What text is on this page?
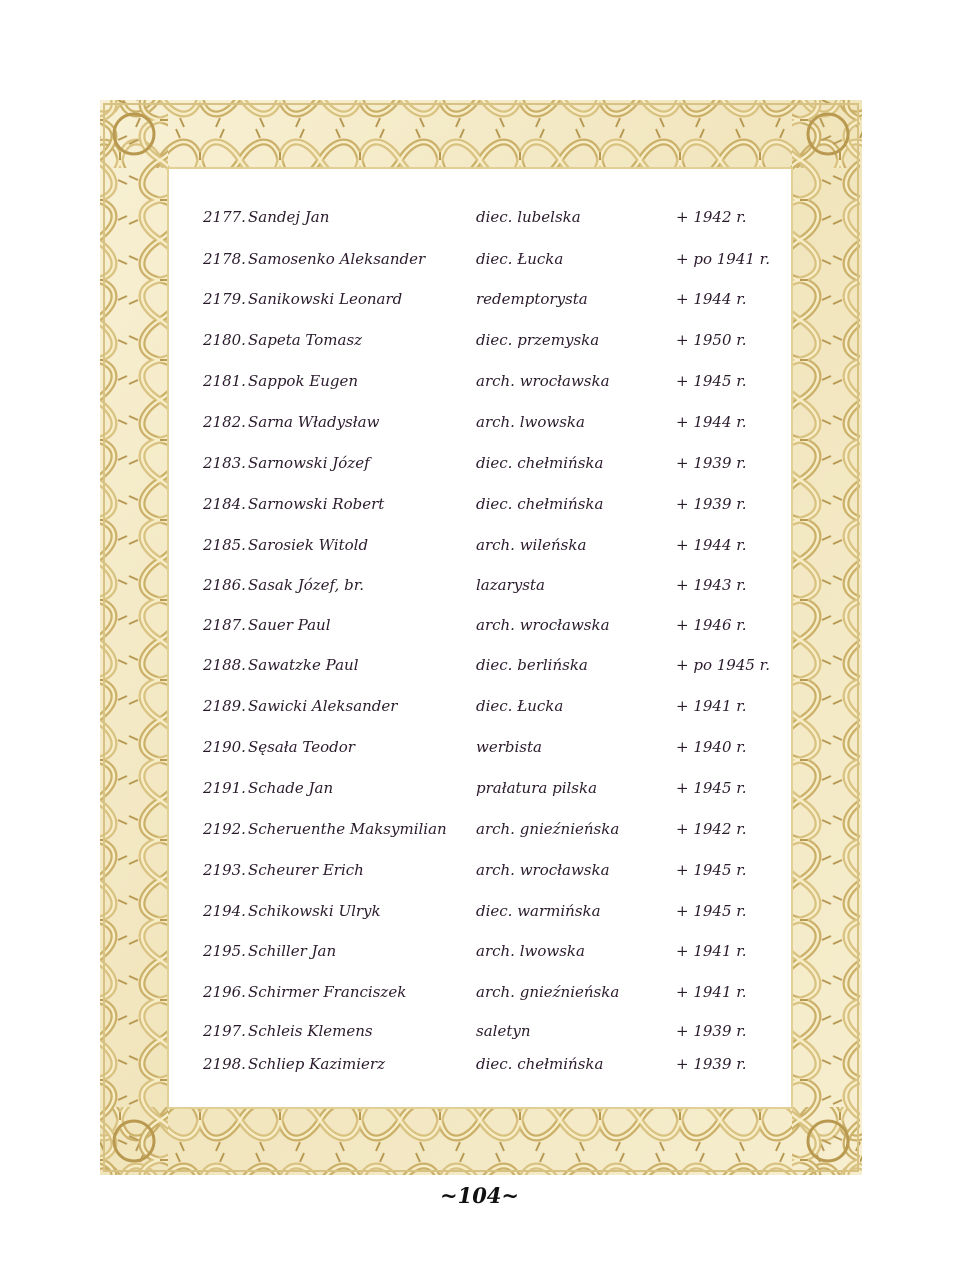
2177. Sandej Jan	diec. lubelska	+ 1942 r.
2178. Samosenko Aleksander	diec. Łucka	+ po 1941 r.
2179. Sanikowski Leonard	redemptorysta	+ 1944 r.
2180. Sapeta Tomasz	diec. przemyska	+ 1950 r.
2181. Sappok Eugen	arch. wrocławska	+ 1945 r.
2182. Sarna Władysław	arch. lwowska	+ 1944 r.
2183. Sarnowski Józef	diec. chełmińska	+ 1939 r.
2184. Sarnowski Robert	diec. chełmińska	+ 1939 r.
2185. Sarosiek Witold	arch. wileńska	+ 1944 r.
2186. Sasak Józef, br.	lazarysta	+ 1943 r.
2187. Sauer Paul	arch. wrocławska	+ 1946 r.
2188. Sawatzke Paul	diec. berlińska	+ po 1945 r.
2189. Sawicki Aleksander	diec. Łucka	+ 1941 r.
2190. Sęsała Teodor	werbista	+ 1940 r.
2191. Schade Jan	prałatura pilska	+ 1945 r.
2192. Scheruenthe Maksymilian arch. gnieźnieńska	+ 1942 r.
2193. Scheurer Erich	arch. wrocławska	+ 1945 r.
2194. Schikowski Ulryk	diec. warmińska	+ 1945 r.
2195. Schiller Jan	arch. lwowska	+ 1941 r.
2196. Schirmer Franciszek	arch. gnieźnieńska	+ 1941 r.
2197. Schleis Klemens	saletyn	+ 1939 r.
2198. Schliep Kazimierz	diec. chełmińska	+ 1939 r.
~104~
